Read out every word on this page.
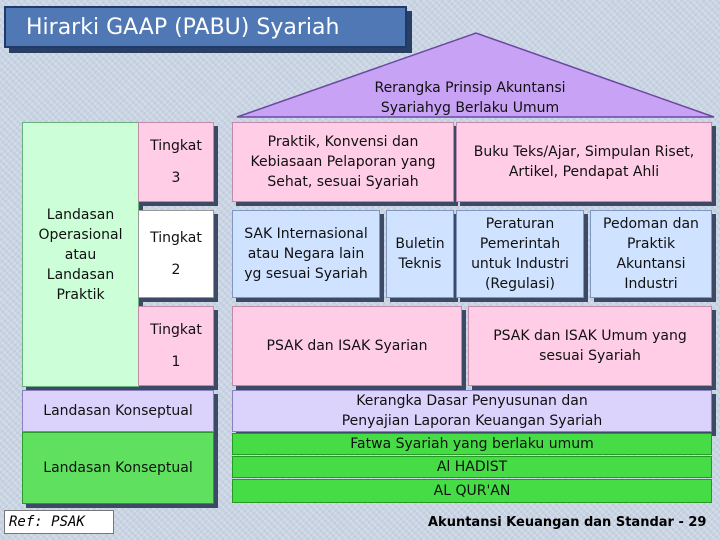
Hirarki GAAP (PABU) Syariah
Rerangka Prinsip Akuntansi
Syariahyg Berlaku Umum
Landasan
Operasional
atau
Landasan
Praktik
Tingkat
3
Tingkat
2
Tingkat
1
Praktik, Konvensi dan
Kebiasaan Pelaporan yang
Sehat, sesuai Syariah
Buku Teks/Ajar, Simpulan Riset,
Artikel, Pendapat Ahli
SAK Internasional
atau Negara lain
yg sesuai Syariah
Buletin
Teknis
Peraturan
Pemerintah
untuk Industri
(Regulasi)
Pedoman dan
Praktik
Akuntansi
Industri
PSAK dan ISAK Syarian
PSAK dan ISAK Umum yang
sesuai Syariah
Landasan Konseptual
Landasan Konseptual
Kerangka Dasar Penyusunan dan
Penyajian Laporan Keuangan Syariah
Fatwa Syariah yang berlaku umum
Al HADIST
AL QUR'AN
Ref: PSAK	Akuntansi Keuangan dan Standar - 29
